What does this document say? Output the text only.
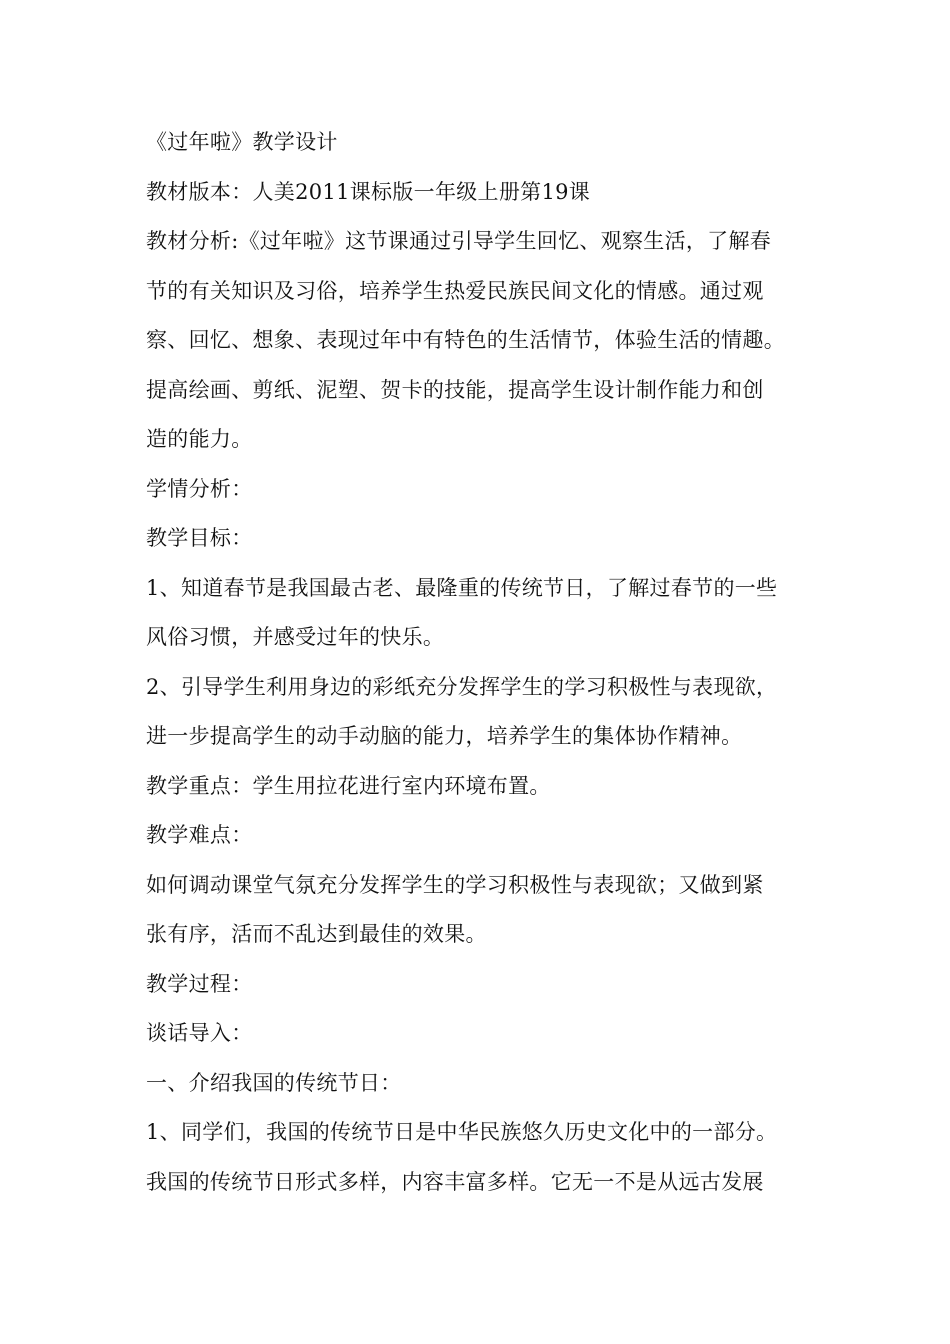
《过年啦》教学设计
教材版本：人美2011课标版一年级上册第19课
教材分析:《过年啦》这节课通过引导学生回忆、观察生活，了解春
节的有关知识及习俗，培养学生热爱民族民间文化的情感。通过观
察、回忆、想象、表现过年中有特色的生活情节，体验生活的情趣。
提高绘画、剪纸、泥塑、贺卡的技能，提高学生设计制作能力和创
造的能力。
学情分析：
教学目标：
1、知道春节是我国最古老、最隆重的传统节日，了解过春节的一些
风俗习惯，并感受过年的快乐。
2、引导学生利用身边的彩纸充分发挥学生的学习积极性与表现欲，
进一步提高学生的动手动脑的能力，培养学生的集体协作精神。
教学重点：学生用拉花进行室内环境布置。
教学难点：
如何调动课堂气氛充分发挥学生的学习积极性与表现欲；又做到紧
张有序，活而不乱达到最佳的效果。
教学过程：
谈话导入：
一、介绍我国的传统节日：
1、同学们，我国的传统节日是中华民族悠久历史文化中的一部分。
我国的传统节日形式多样，内容丰富多样。它无一不是从远古发展
